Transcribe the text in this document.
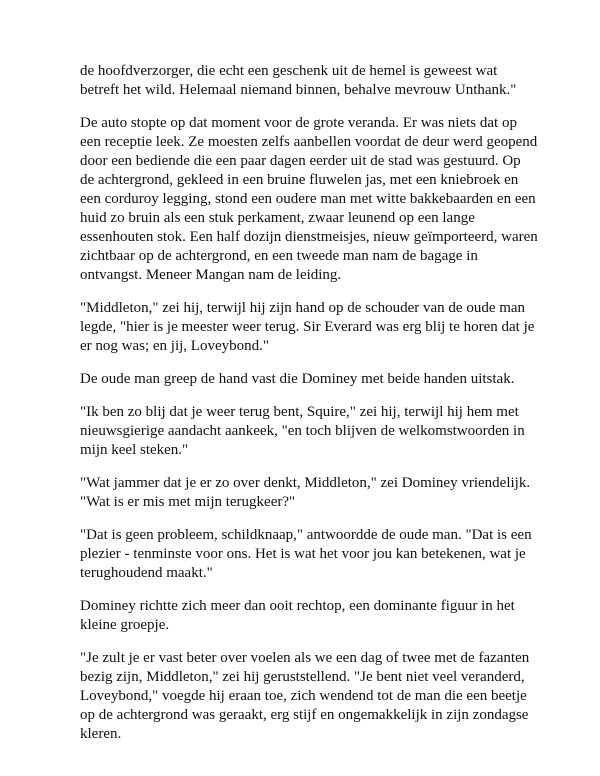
de hoofdverzorger, die echt een geschenk uit de hemel is geweest wat
betreft het wild. Helemaal niemand binnen, behalve mevrouw Unthank."

De auto stopte op dat moment voor de grote veranda. Er was niets dat op
een receptie leek. Ze moesten zelfs aanbellen voordat de deur werd geopend
door een bediende die een paar dagen eerder uit de stad was gestuurd. Op
de achtergrond, gekleed in een bruine fluwelen jas, met een kniebroek en
een corduroy legging, stond een oudere man met witte bakkebaarden en een
huid zo bruin als een stuk perkament, zwaar leunend op een lange
essenhouten stok. Een half dozijn dienstmeisjes, nieuw geïmporteerd, waren
zichtbaar op de achtergrond, en een tweede man nam de bagage in
ontvangst. Meneer Mangan nam de leiding.

"Middleton," zei hij, terwijl hij zijn hand op de schouder van de oude man
legde, "hier is je meester weer terug. Sir Everard was erg blij te horen dat je
er nog was; en jij, Loveybond."

De oude man greep de hand vast die Dominey met beide handen uitstak.

"Ik ben zo blij dat je weer terug bent, Squire," zei hij, terwijl hij hem met
nieuwsgierige aandacht aankeek, "en toch blijven de welkomstwoorden in
mijn keel steken."

"Wat jammer dat je er zo over denkt, Middleton," zei Dominey vriendelijk.
"Wat is er mis met mijn terugkeer?"

"Dat is geen probleem, schildknaap," antwoordde de oude man. "Dat is een
plezier - tenminste voor ons. Het is wat het voor jou kan betekenen, wat je
terughoudend maakt."

Dominey richtte zich meer dan ooit rechtop, een dominante figuur in het
kleine groepje.

"Je zult je er vast beter over voelen als we een dag of twee met de fazanten
bezig zijn, Middleton," zei hij geruststellend. "Je bent niet veel veranderd,
Loveybond," voegde hij eraan toe, zich wendend tot de man die een beetje
op de achtergrond was geraakt, erg stijf en ongemakkelijk in zijn zondagse
kleren.
